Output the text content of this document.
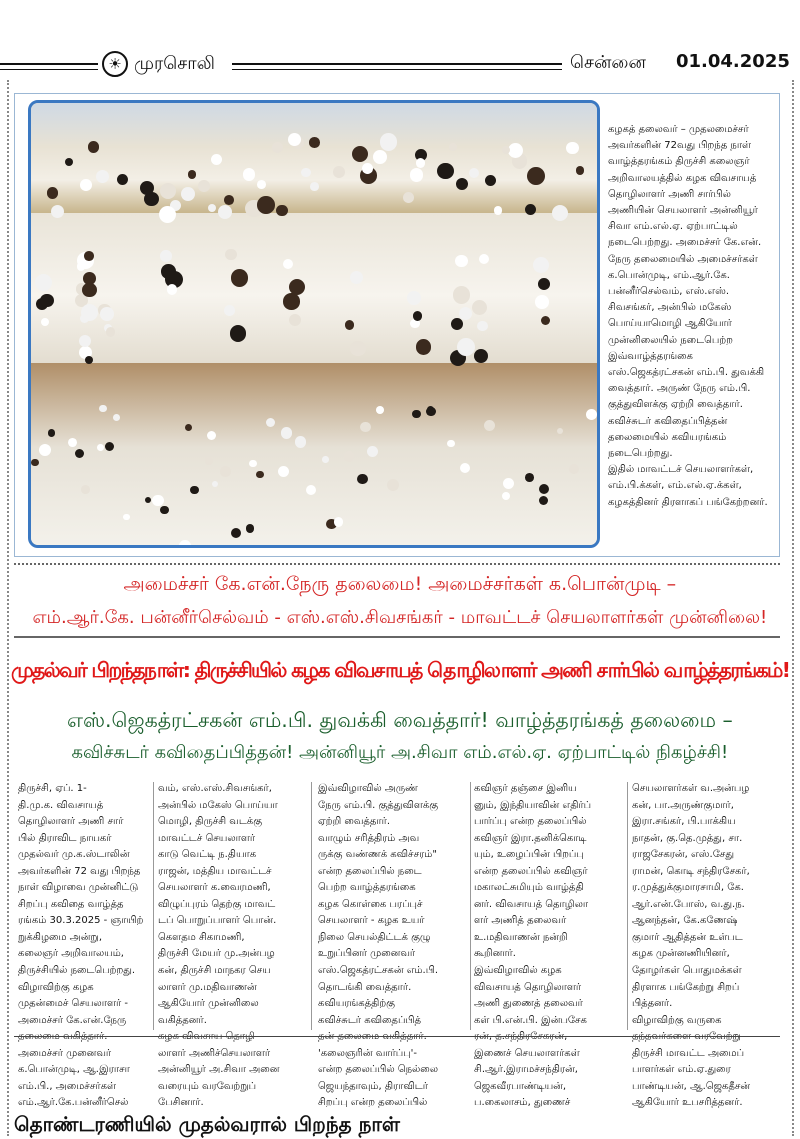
☀ முரசொலி	சென்னை 01.04.2025
கழகத் தலைவர் – முதலமைச்சர்
அவர்களின் 72வது பிறந்த நாள்
வாழ்த்தரங்கம் திருச்சி கலைஞர்
அறிவாலயத்தில் கழக விவசாயத்
தொழிலாளர் அணி சார்பில்
அணியின் செயலாளர் அன்னியூர்
சிவா எம்.எல்.ஏ. ஏற்பாட்டில்
நடைபெற்றது. அமைச்சர் கே.என்.
நேரு தலைமையில் அமைச்சர்கள்
க.பொன்முடி, எம்.ஆர்.கே.
பன்னீர்செல்வம், எஸ்.எஸ்.
சிவசங்கர், அன்பில் மகேஸ்
பொய்யாமொழி ஆகியோர்
முன்னிலையில் நடைபெற்ற
இவ்வாழ்த்தரங்கை
எஸ்.ஜெகத்ரட்சகன் எம்.பி. துவக்கி
வைத்தார். அருண் நேரு எம்.பி.
குத்துவிளக்கு ஏற்றி வைத்தார்.
கவிச்சுடர் கவிதைப்பித்தன்
தலைமையில் கவியரங்கம்
நடைபெற்றது.
இதில் மாவட்டச் செயலாளர்கள்,
எம்.பி.க்கள், எம்.எல்.ஏ.க்கள்,
கழகத்தினர் திரளாகப் பங்கேற்றனர்.
அமைச்சர் கே.என்.நேரு தலைமை! அமைச்சர்கள் க.பொன்முடி –
எம்.ஆர்.கே. பன்னீர்செல்வம் - எஸ்.எஸ்.சிவசங்கர் - மாவட்டச் செயலாளர்கள் முன்னிலை!
முதல்வர் பிறந்தநாள்: திருச்சியில் கழக விவசாயத் தொழிலாளர் அணி சார்பில் வாழ்த்தரங்கம்!
எஸ்.ஜெகத்ரட்சகன் எம்.பி. துவக்கி வைத்தார்! வாழ்த்தரங்கத் தலைமை –
கவிச்சுடர் கவிதைப்பித்தன்! அன்னியூர் அ.சிவா எம்.எல்.ஏ. ஏற்பாட்டில் நிகழ்ச்சி!
திருச்சி, ஏப். 1-
தி.மு.க. விவசாயத்
தொழிலாளர் அணி சார்
பில் திராவிட நாயகர்
முதல்வர் மு.க.ஸ்டாலின்
அவர்களின் 72 வது பிறந்த
நாள் விழாவை முன்னிட்டு
சிறப்பு கவிதை வாழ்த்த
ரங்கம் 30.3.2025 - ஞாயிற்
றுக்கிழமை அன்று,
கலைஞர் அறிவாலயம்,
திருச்சியில் நடைபெற்றது.
விழாவிற்கு கழக
முதன்மைச் செயலாளர் -
அமைச்சர் கே.என்.நேரு
தலைமை வகித்தார்.
அமைச்சர் முனைவர்
க.பொன்முடி, ஆ.இராசா
எம்.பி., அமைச்சர்கள்
எம்.ஆர்.கே.பன்னீர்செல்
வம், எஸ்.எஸ்.சிவசங்கர்,
அன்பில் மகேஸ் பொய்யா
மொழி, திருச்சி வடக்கு
மாவட்டச் செயலாளர்
காடு வெட்டி ந.தியாக
ராஜன், மத்திய மாவட்டச்
செயலாளர் க.வைரமணி,
விழுப்புரம் தெற்கு மாவட்
டப் பொறுப்பாளர் பொன்.
கௌதம சிகாமணி,
திருச்சி மேயர் மு.அன்பழ
கன், திருச்சி மாநகர செய
லாளர் மு.மதிவாணன்
ஆகியோர் முன்னிலை
வகித்தனர்.
கழக விவசாய தொழி
லாளர் அணிச்செயலாளர்
அன்னியூர் அ.சிவா அனை
வரையும் வரவேற்றுப்
பேசினார்.
இவ்விழாவில் அருண்
நேரு எம்.பி. குத்துவிளக்கு
ஏற்றி வைத்தார்.
வாழும் சரித்திரம் அவ
ருக்கு வண்ணக் கவிச்சரம்"
என்ற தலைப்பில் நடை
பெற்ற வாழ்த்தரங்கை
கழக கொள்கை பரப்புச்
செயலாளர் - கழக உயர்
நிலை செயல்திட்டக் குழு
உறுப்பினர் முனைவர்
எஸ்.ஜெகத்ரட்சகன் எம்.பி.
தொடங்கி வைத்தார்.
கவியரங்கத்திற்கு
கவிச்சுடர் கவிதைப்பித்
தன் தலைமை வகித்தார்.
'கலைஞரின் வார்ப்பு'-
என்ற தலைப்பில் நெல்லை
ஜெயந்தாவும், திராவிடர்
சிறப்பு என்ற தலைப்பில்
கவிஞர் தஞ்சை இனிய
னும், இந்தியாவின் எதிர்ப்
பார்ப்பு என்ற தலைப்பில்
கவிஞர் இரா.தனிக்கொடி
யும், உழைப்பின் பிறப்பு
என்ற தலைப்பில் கவிஞர்
மகாலட்சுமியும் வாழ்த்தி
னர். விவசாயத் தொழிலா
ளர் அணித் தலைவர்
உ.மதிவாணன் நன்றி
கூறினார்.
இவ்விழாவில் கழக
விவசாயத் தொழிலாளர்
அணி துணைத் தலைவர்
கள் பி.என்.பி. இன்பசேக
ரன், த.சந்திரசேகரன்,
இணைச் செயலாளர்கள்
சி.ஆர்.இராமச்சந்திரன்,
ஜெகவீரபாண்டியன்,
ப.கைலாசம், துணைச்
செயலாளர்கள் வ.அன்பழ
கன், பா.அருண்குமார்,
இரா.சங்கர், பி.பாக்கிய
நாதன், கு.தெ.முத்து, சா.
ராஜசேகரன், எஸ்.சேது
ராமன், கொடி சந்திரசேகர்,
ர.முத்துக்குமாரசாமி, கே.
ஆர்.என்.போஸ், வ.து.ந.
ஆனந்தன், கே.கணேஷ்
குமார் ஆதித்தன் உள்பட
கழக முன்னணியினர்,
தோழர்கள் பொதுமக்கள்
திரளாக பங்கேற்று சிறப்
பித்தனர்.
விழாவிற்கு வருகை
தந்தவர்களை வரவேற்று
திருச்சி மாவட்ட அமைப்
பாளர்கள் எம்.ஏ.துரை
பாண்டியன், ஆ.ஜெகதீசன்
ஆகியோர் உபசரித்தனர்.
தொண்டரணியில் முதல்வரால் பிறந்த நாள்
